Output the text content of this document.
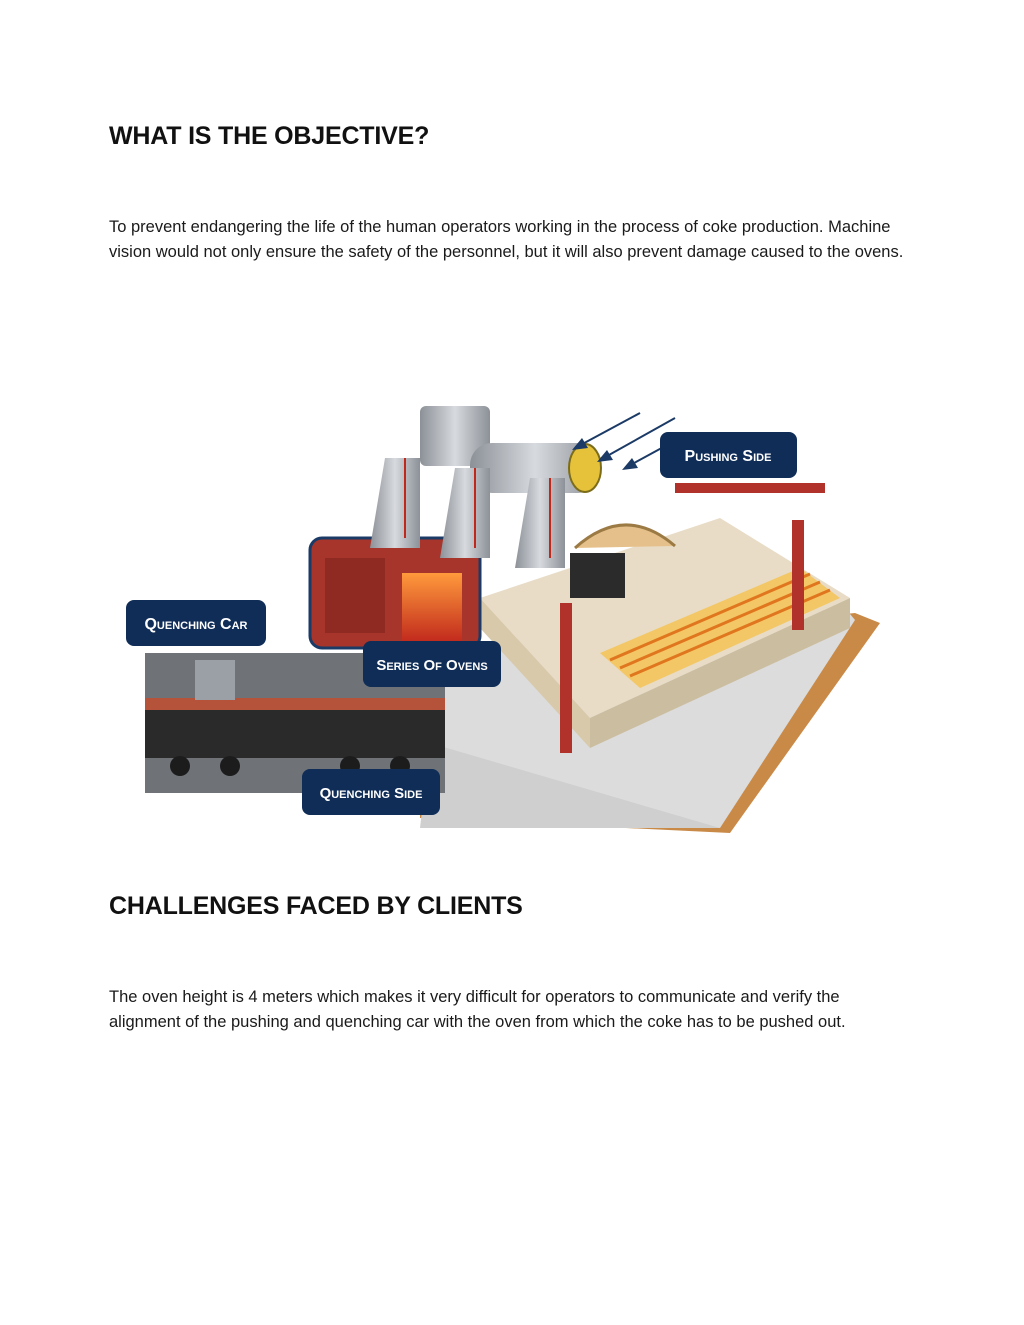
WHAT IS THE OBJECTIVE?

To prevent endangering the life of the human operators working in the process of coke production. Machine vision would not only ensure the safety of the personnel, but it will also prevent damage caused to the ovens.

Pushing Side
Quenching Car
Series Of Ovens
Quenching Side
CHALLENGES FACED BY CLIENTS

The oven height is 4 meters which makes it very difficult for operators to communicate and verify the alignment of the pushing and quenching car with the oven from which the coke has to be pushed out.
